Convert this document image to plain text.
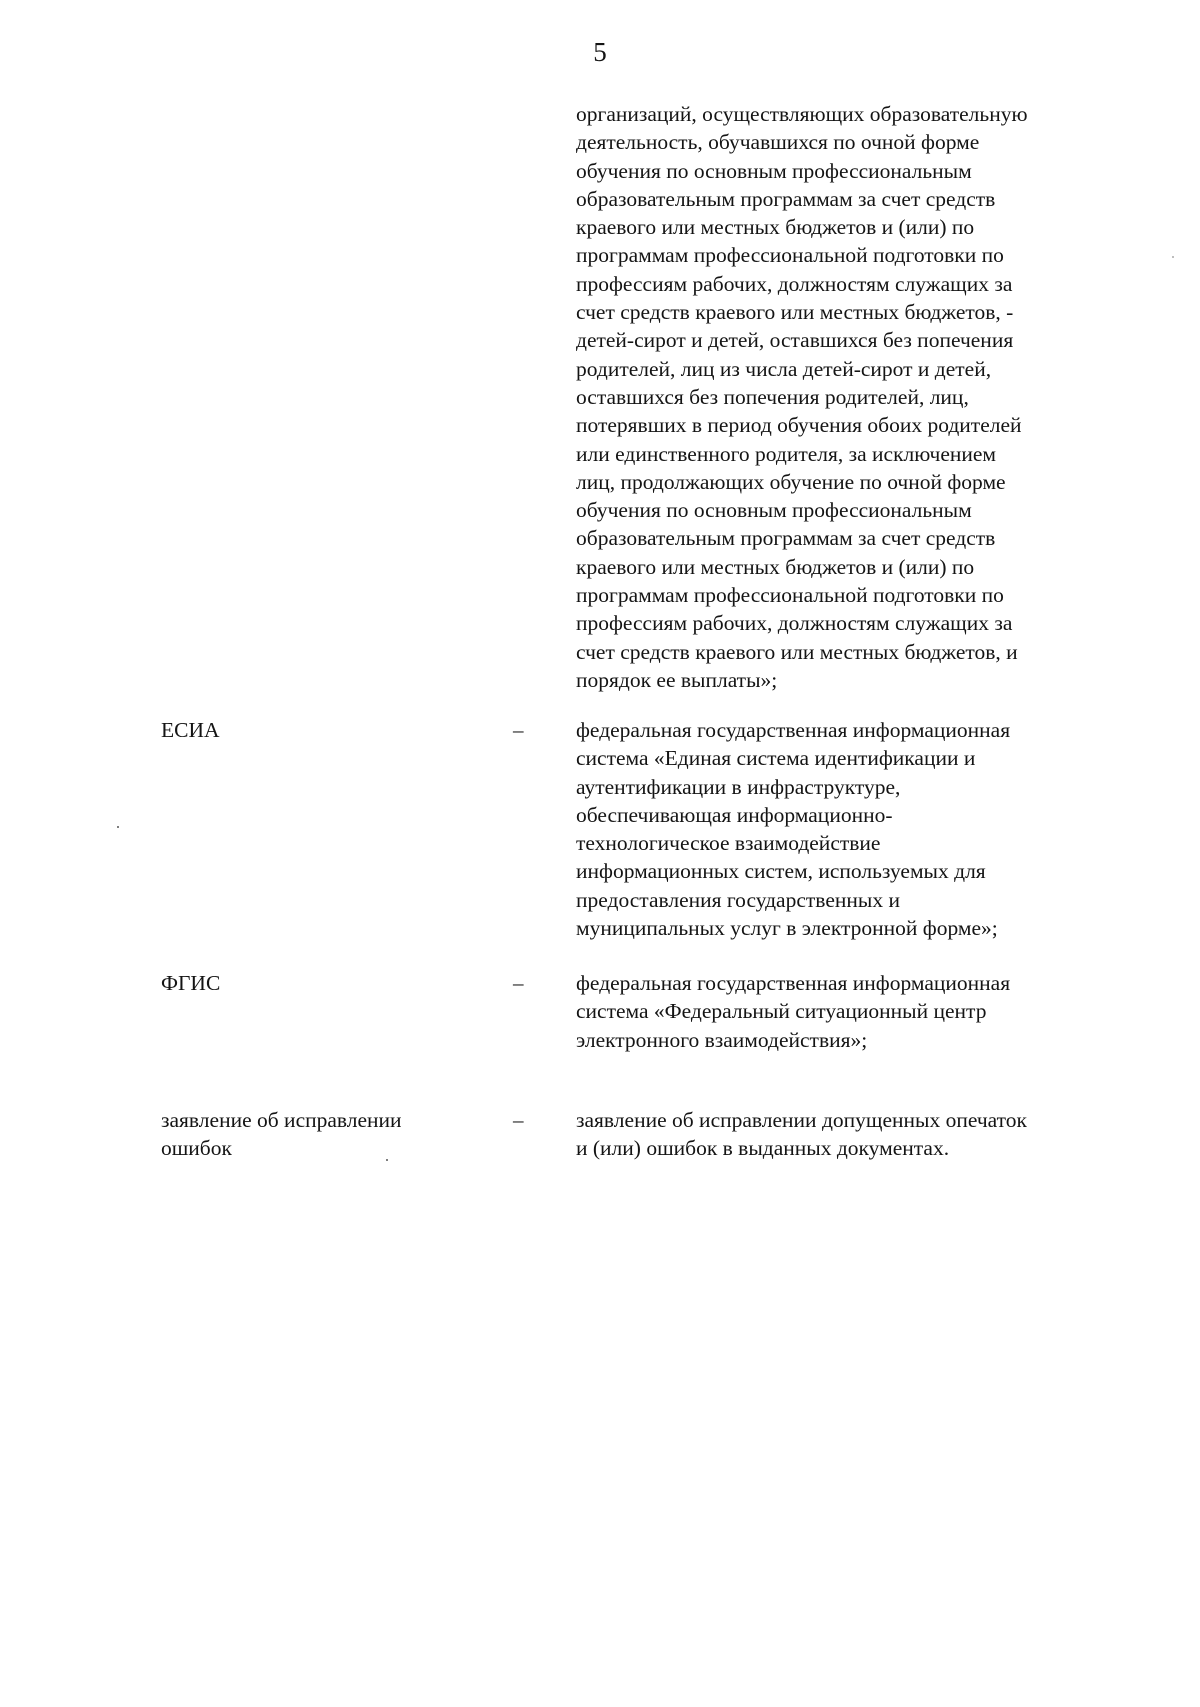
5
организаций, осуществляющих образовательную
деятельность, обучавшихся по очной форме
обучения по основным профессиональным
образовательным программам за счет средств
краевого или местных бюджетов и (или) по
программам профессиональной подготовки по
профессиям рабочих, должностям служащих за
счет средств краевого или местных бюджетов, -
детей-сирот и детей, оставшихся без попечения
родителей, лиц из числа детей-сирот и детей,
оставшихся без попечения родителей, лиц,
потерявших в период обучения обоих родителей
или единственного родителя, за исключением
лиц, продолжающих обучение по очной форме
обучения по основным профессиональным
образовательным программам за счет средств
краевого или местных бюджетов и (или) по
программам профессиональной подготовки по
профессиям рабочих, должностям служащих за
счет средств краевого или местных бюджетов, и
порядок ее выплаты»;
ЕСИА	– федеральная государственная информационная
система «Единая система идентификации и
аутентификации в инфраструктуре,
обеспечивающая информационно-
технологическое взаимодействие
информационных систем, используемых для
предоставления государственных и
муниципальных услуг в электронной форме»;
ФГИС	– федеральная государственная информационная
система «Федеральный ситуационный центр
электронного взаимодействия»;
заявление об исправлении
ошибок
– заявление об исправлении допущенных опечаток
и (или) ошибок в выданных документах.
